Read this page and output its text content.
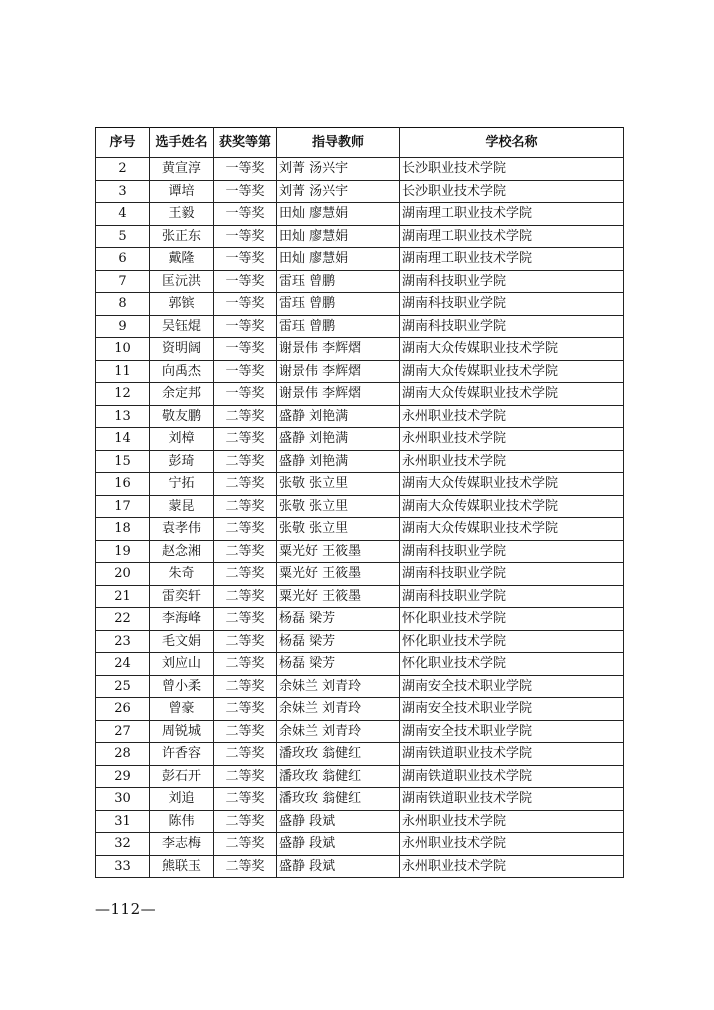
序号	选手姓名	获奖等第	指导教师	学校名称
2	黄宣淳	一等奖	刘菁 汤兴宇	长沙职业技术学院
3	谭培	一等奖	刘菁 汤兴宇	长沙职业技术学院
4	王毅	一等奖	田灿 廖慧娟	湖南理工职业技术学院
5	张正东	一等奖	田灿 廖慧娟	湖南理工职业技术学院
6	戴隆	一等奖	田灿 廖慧娟	湖南理工职业技术学院
7	匡沅洪	一等奖	雷珏 曾鹏	湖南科技职业学院
8	郭镔	一等奖	雷珏 曾鹏	湖南科技职业学院
9	吴钰焜	一等奖	雷珏 曾鹏	湖南科技职业学院
10	资明阔	一等奖	谢景伟 李辉熠	湖南大众传媒职业技术学院
11	向禹杰	一等奖	谢景伟 李辉熠	湖南大众传媒职业技术学院
12	余定邦	一等奖	谢景伟 李辉熠	湖南大众传媒职业技术学院
13	敬友鹏	二等奖	盛静 刘艳满	永州职业技术学院
14	刘樟	二等奖	盛静 刘艳满	永州职业技术学院
15	彭琦	二等奖	盛静 刘艳满	永州职业技术学院
16	宁拓	二等奖	张敬 张立里	湖南大众传媒职业技术学院
17	蒙昆	二等奖	张敬 张立里	湖南大众传媒职业技术学院
18	袁孝伟	二等奖	张敬 张立里	湖南大众传媒职业技术学院
19	赵念湘	二等奖	粟光好 王筱墨	湖南科技职业学院
20	朱奇	二等奖	粟光好 王筱墨	湖南科技职业学院
21	雷奕轩	二等奖	粟光好 王筱墨	湖南科技职业学院
22	李海峰	二等奖	杨磊 梁芳	怀化职业技术学院
23	毛文娟	二等奖	杨磊 梁芳	怀化职业技术学院
24	刘应山	二等奖	杨磊 梁芳	怀化职业技术学院
25	曾小柔	二等奖	余妹兰 刘青玲	湖南安全技术职业学院
26	曾豪	二等奖	余妹兰 刘青玲	湖南安全技术职业学院
27	周锐城	二等奖	余妹兰 刘青玲	湖南安全技术职业学院
28	许香容	二等奖	潘玫玫 翁健红	湖南铁道职业技术学院
29	彭石开	二等奖	潘玫玫 翁健红	湖南铁道职业技术学院
30	刘追	二等奖	潘玫玫 翁健红	湖南铁道职业技术学院
31	陈伟	二等奖	盛静 段斌	永州职业技术学院
32	李志梅	二等奖	盛静 段斌	永州职业技术学院
33	熊联玉	二等奖	盛静 段斌	永州职业技术学院
—112—
